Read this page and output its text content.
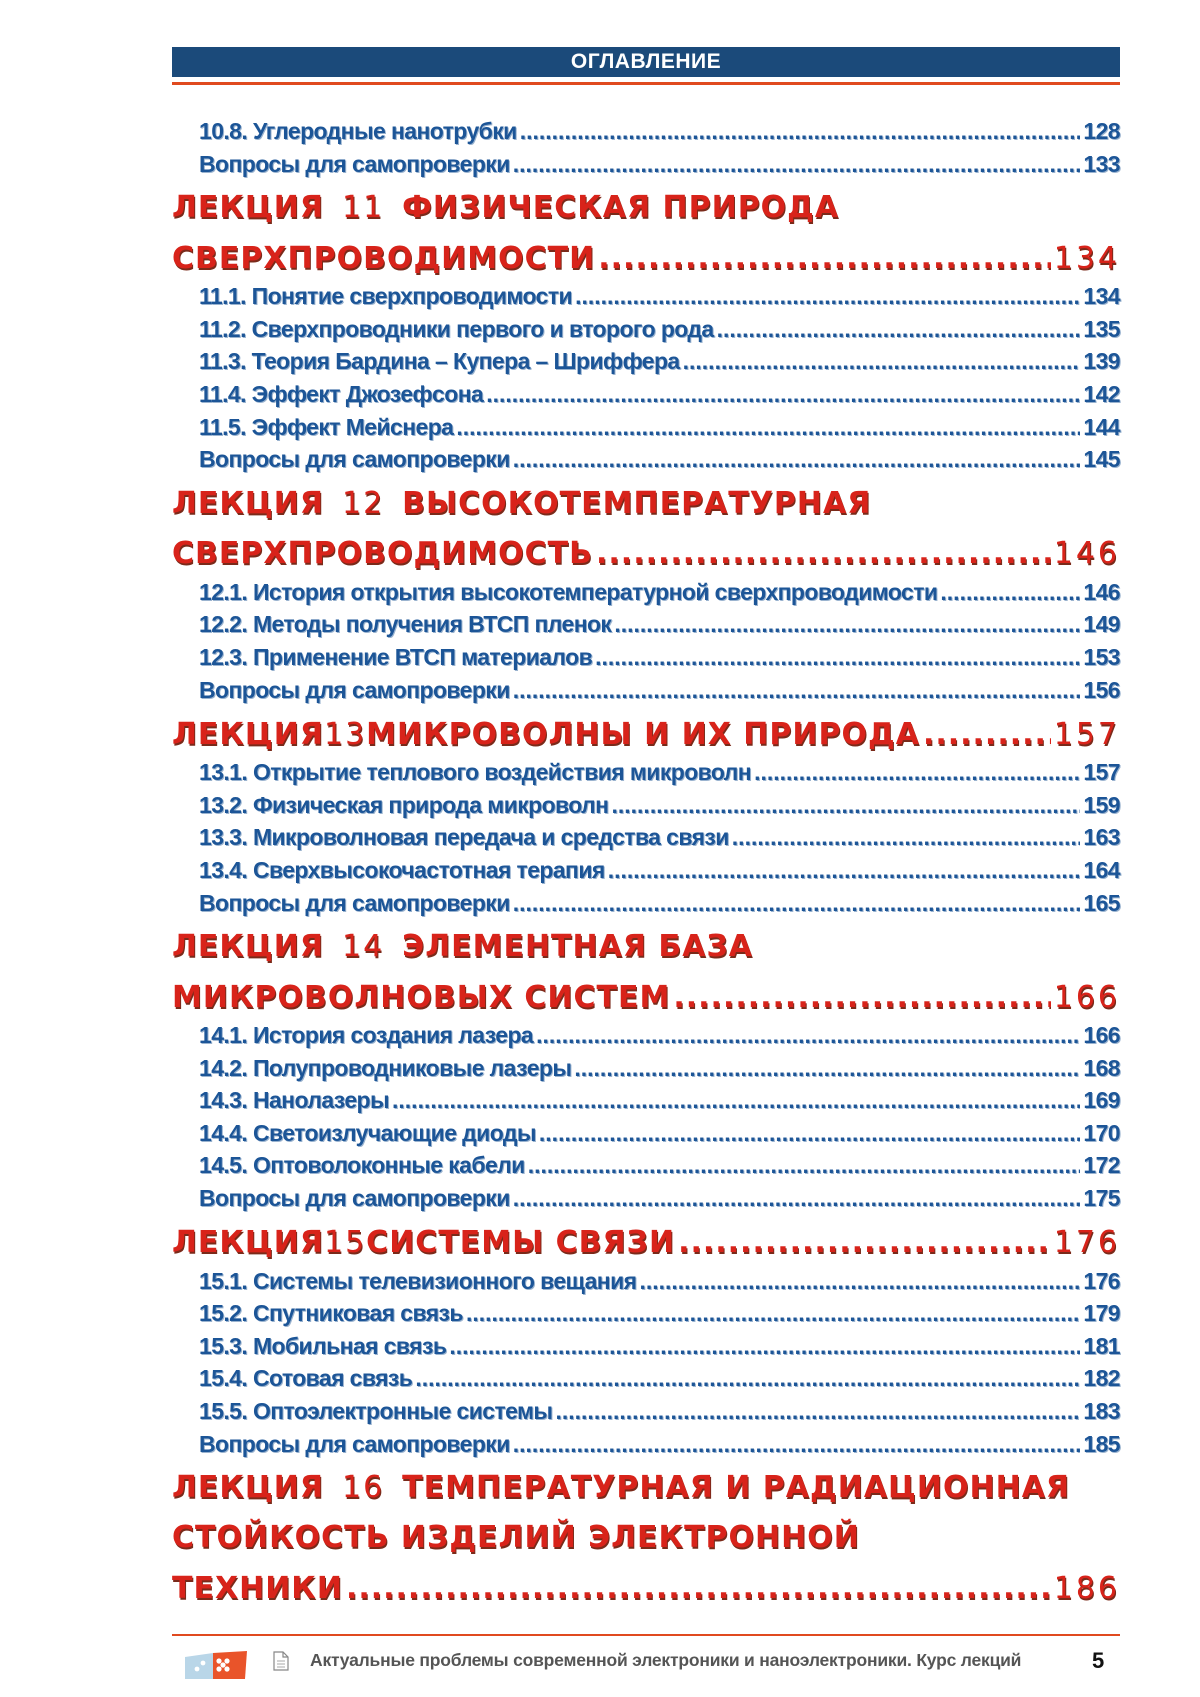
ОГЛАВЛЕНИЕ
10.8. Углеродные нанотрубки .....	128
Вопросы для самопроверки .....	133
ЛЕКЦИЯ 11 ФИЗИЧЕСКАЯ ПРИРОДА
СВЕРХПРОВОДИМОСТИ .....	134
11.1. Понятие сверхпроводимости .....	134
11.2. Сверхпроводники первого и второго рода .....	135
11.3. Теория Бардина – Купера – Шриффера .....	139
11.4. Эффект Джозефсона .....	142
11.5. Эффект Мейснера .....	144
Вопросы для самопроверки .....	145
ЛЕКЦИЯ 12 ВЫСОКОТЕМПЕРАТУРНАЯ
СВЕРХПРОВОДИМОСТЬ .....	146
12.1. История открытия высокотемпературной сверхпроводимости .....	146
12.2. Методы получения ВТСП пленок .....	149
12.3. Применение ВТСП материалов .....	153
Вопросы для самопроверки .....	156
ЛЕКЦИЯ13МИКРОВОЛНЫ И ИХ ПРИРОДА .....	157
13.1. Открытие теплового воздействия микроволн .....	157
13.2. Физическая природа микроволн .....	159
13.3. Микроволновая передача и средства связи .....	163
13.4. Сверхвысокочастотная терапия .....	164
Вопросы для самопроверки .....	165
ЛЕКЦИЯ 14 ЭЛЕМЕНТНАЯ БАЗА
МИКРОВОЛНОВЫХ СИСТЕМ .....	166
14.1. История создания лазера .....	166
14.2. Полупроводниковые лазеры .....	168
14.3. Нанолазеры .....	169
14.4. Светоизлучающие диоды .....	170
14.5. Оптоволоконные кабели .....	172
Вопросы для самопроверки .....	175
ЛЕКЦИЯ15СИСТЕМЫ СВЯЗИ .....	176
15.1. Системы телевизионного вещания .....	176
15.2. Спутниковая связь .....	179
15.3. Мобильная связь .....	181
15.4. Сотовая связь .....	182
15.5. Оптоэлектронные системы .....	183
Вопросы для самопроверки .....	185
ЛЕКЦИЯ 16 ТЕМПЕРАТУРНАЯ И РАДИАЦИОННАЯ
СТОЙКОСТЬ ИЗДЕЛИЙ ЭЛЕКТРОННОЙ
ТЕХНИКИ .....	186
Актуальные проблемы современной электроники и наноэлектроники. Курс лекций	5
